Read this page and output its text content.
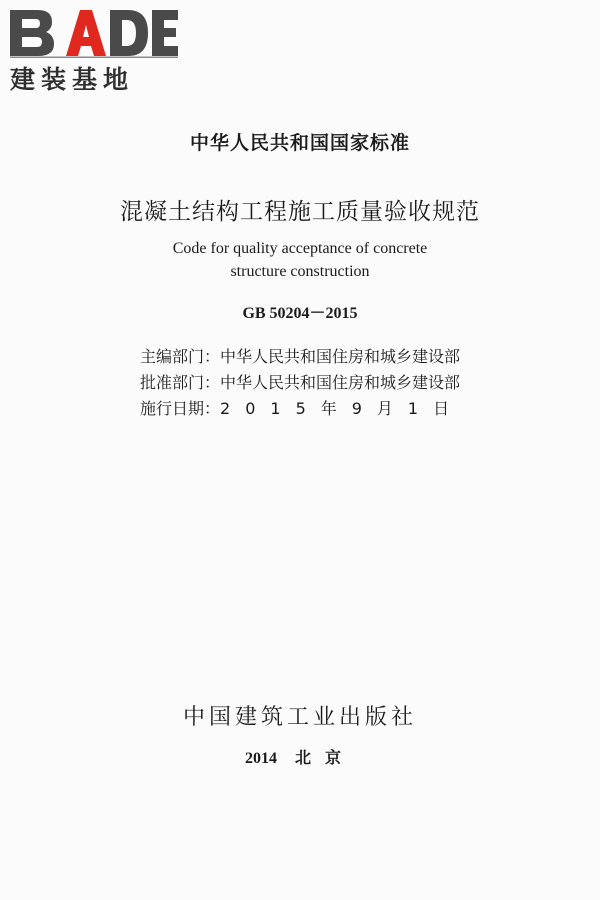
建装基地
中华人民共和国国家标准
混凝土结构工程施工质量验收规范
Code for quality acceptance of concrete
structure construction
GB 50204－2015
主编部门 ： 中华人民共和国住房和城乡建设部
批准部门 ： 中华人民共和国住房和城乡建设部
施行日期 ： 2015年9月1日
中国建筑工业出版社
2014 北京
